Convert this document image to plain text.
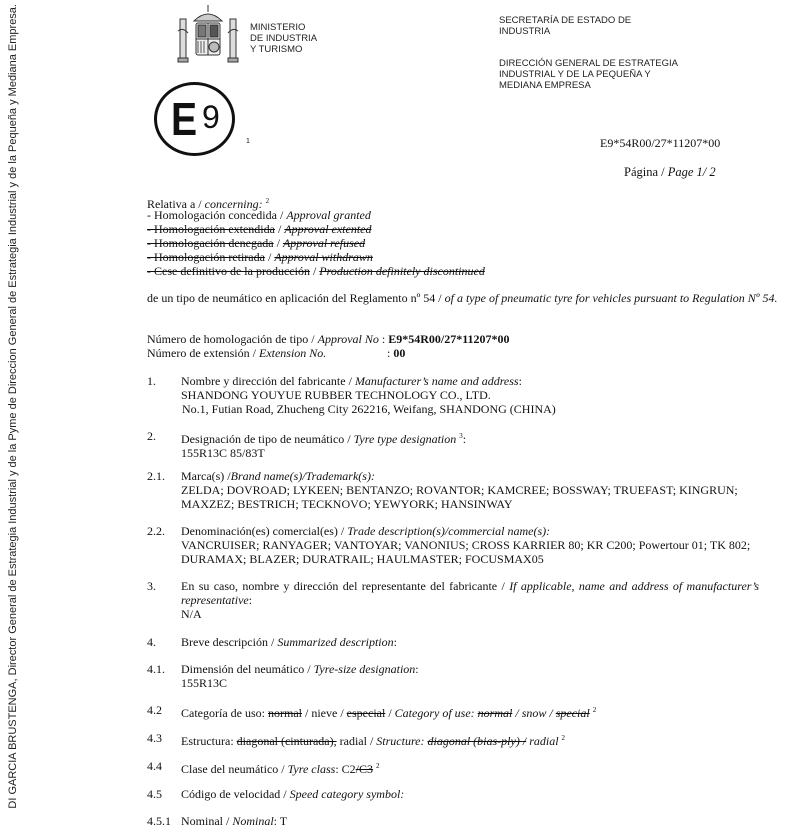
DI GARCIA BRUSTENGA, Director General de Estrategia Industrial y de la Pyme de Direccion General de Estrategia Industrial y de la Pequeña y Mediana Empresa.	MINISTERIO
DE INDUSTRIA
Y TURISMO
E 9
1
SECRETARÍA DE ESTADO DE
INDUSTRIA
DIRECCIÓN GENERAL DE ESTRATEGIA
INDUSTRIAL Y DE LA PEQUEÑA Y
MEDIANA EMPRESA
E9*54R00/27*11207*00
Página / Page 1/ 2
Relativa a / concerning: $^2$
- Homologación concedida / Approval granted
- Homologación extendida / Approval extented
- Homologación denegada / Approval refused
- Homologación retirada / Approval withdrawn
- Cese definitivo de la producción / Production definitely discontinued
de un tipo de neumático en aplicación del Reglamento nº 54 / of a type of pneumatic tyre for vehicles pursuant to Regulation Nº 54.
Número de homologación de tipo / Approval No : E9*54R00/27*11207*00
Número de extensión / Extension No.	: 00
1. Nombre y dirección del fabricante / Manufacturer’s name and address:
SHANDONG YOUYUE RUBBER TECHNOLOGY CO., LTD.
No.1, Futian Road, Zhucheng City 262216, Weifang, SHANDONG (CHINA)
2. Designación de tipo de neumático / Tyre type designation $^3$:
155R13C 85/83T
2.1. Marca(s) /Brand name(s)/Trademark(s):
ZELDA; DOVROAD; LYKEEN; BENTANZO; ROVANTOR; KAMCREE; BOSSWAY; TRUEFAST; KINGRUN;
MAXZEZ; BESTRICH; TECKNOVO; YEWYORK; HANSINWAY
2.2. Denominación(es) comercial(es) / Trade description(s)/commercial name(s):
VANCRUISER; RANYAGER; VANTOYAR; VANONIUS; CROSS KARRIER 80; KR C200; Powertour 01; TK 802;
DURAMAX; BLAZER; DURATRAIL; HAULMASTER; FOCUSMAX05
3. En su caso, nombre y dirección del representante del fabricante / If applicable, name and address of manufacturer’s representative:
N/A
4. Breve descripción / Summarized description:
4.1. Dimensión del neumático / Tyre-size designation:
155R13C
4.2 Categoría de uso: normal / nieve / especial / Category of use: normal / snow / special $^2$
4.3 Estructura: diagonal (cinturada), radial / Structure: diagonal (bias-ply) / radial $^2$
4.4 Clase del neumático / Tyre class: C2/C3 $^2$
4.5 Código de velocidad / Speed category symbol:
4.5.1 Nominal / Nominal: T
